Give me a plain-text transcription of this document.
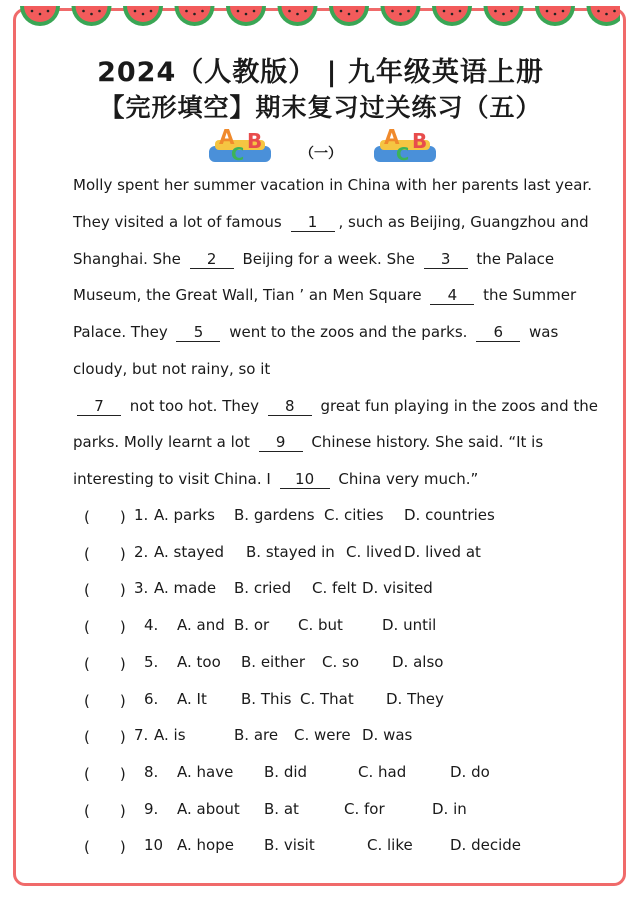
2024（人教版） | 九年级英语上册
【完形填空】期末复习过关练习（五）
A
C
B
（一）
A
C
B
Molly spent her summer vacation in China with her parents last year.
They visited a lot of famous 1 , such as Beijing, Guangzhou and
Shanghai. She 2 Beijing for a week. She 3 the Palace
Museum, the Great Wall, Tian ’ an Men Square 4 the Summer
Palace. They 5 went to the zoos and the parks. 6 was
cloudy, but not rainy, so it
7 not too hot. They 8 great fun playing in the zoos and the
parks. Molly learnt a lot 9 Chinese history. She said. “It is
interesting to visit China. I 10 China very much.”
(　　) 1. A. parks B. gardens C. cities D. countries
(　　) 2. A. stayed B. stayed in C. lived D. lived at
(　　) 3. A. made B. cried C. felt D. visited
(　　) 4. A. and B. or C. but	D. until
(　　) 5. A. too B. either C. so D. also
(　　) 6. A. It B. This C. That D. They
(　　) 7. A. is	B. are C. were D. was
(　　) 8. A. have B. did	C. had	D. do
(　　) 9. A. about B. at	C. for	D. in
(　　) 10 A. hope B. visit	C. like D. decide
